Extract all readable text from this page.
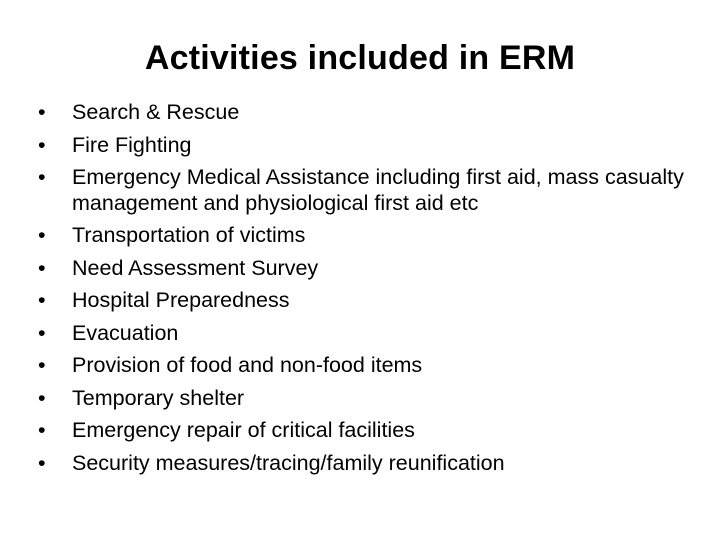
Activities included in ERM
•	Search & Rescue
•	Fire Fighting
•	Emergency Medical Assistance including first aid, mass casualty management and physiological first aid etc
•	Transportation of victims
•	Need Assessment Survey
•	Hospital Preparedness
•	Evacuation
•	Provision of food and non-food items
•	Temporary shelter
•	Emergency repair of critical facilities
•	Security measures/tracing/family reunification
